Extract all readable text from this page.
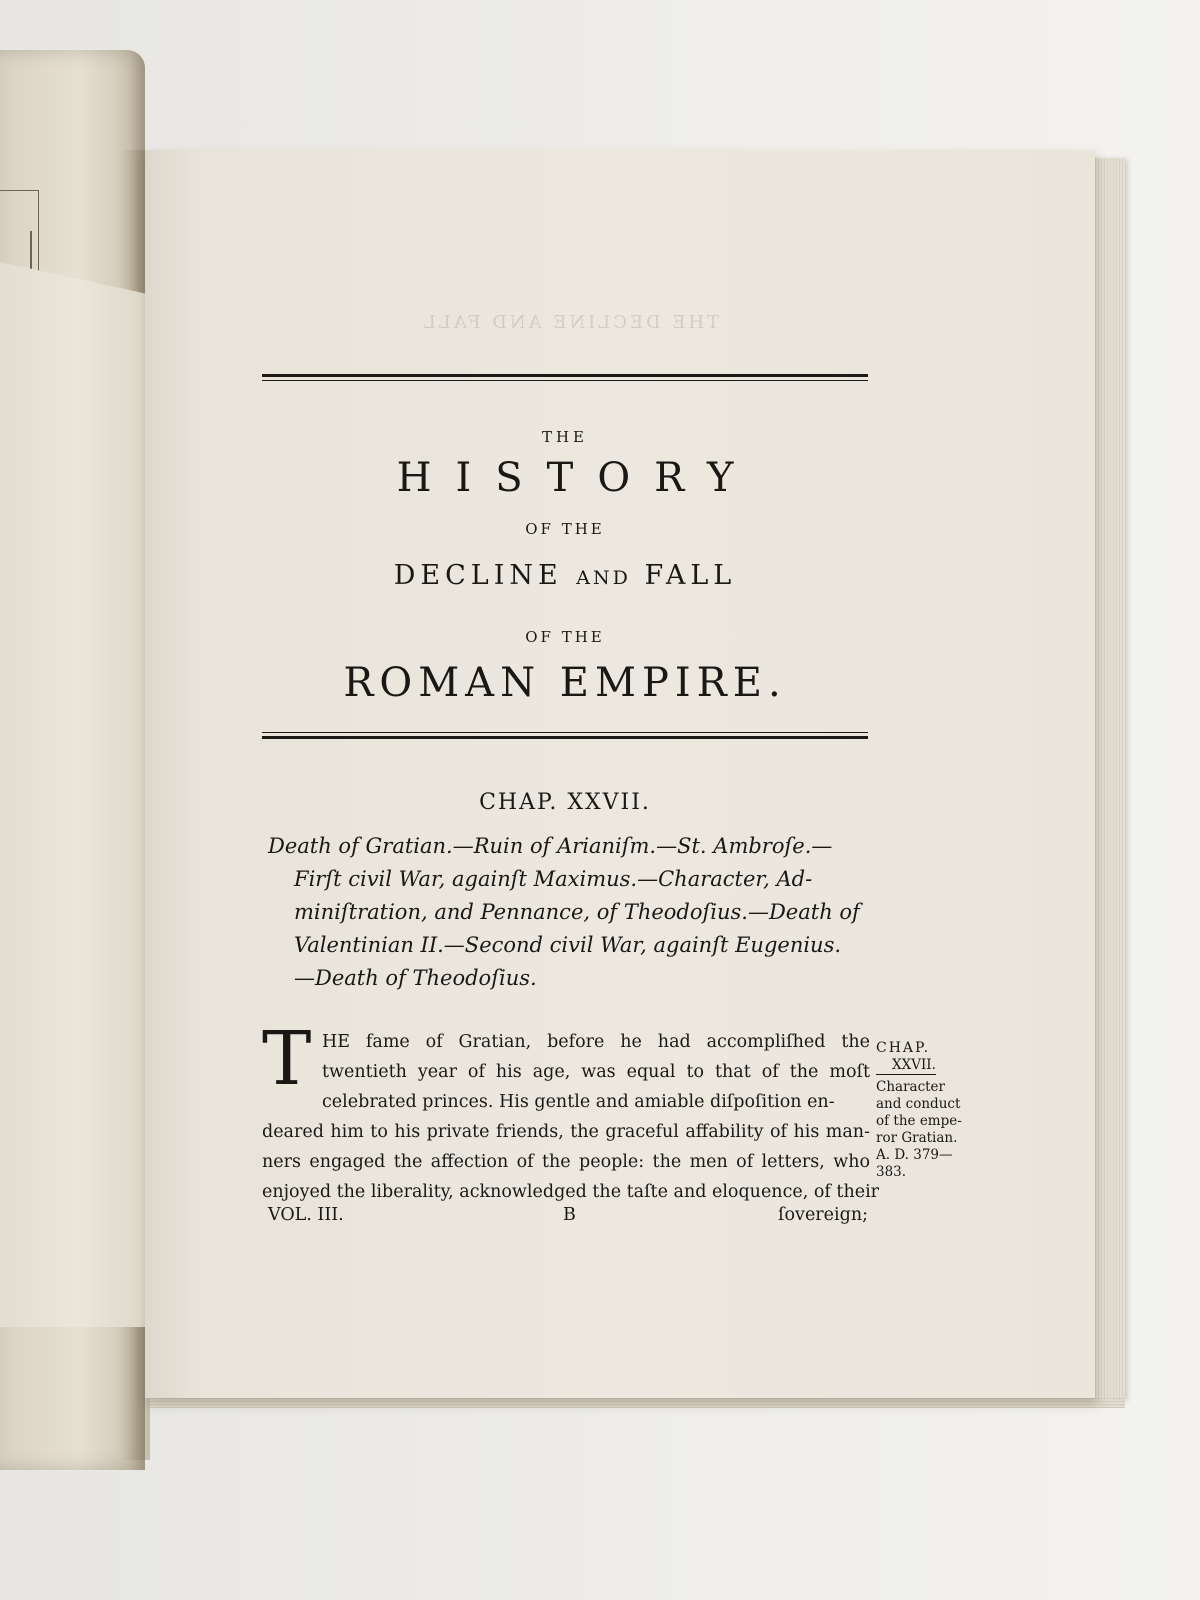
THE DECLINE AND FALL
THE
HISTORY
OF THE
DECLINE AND FALL
OF THE
ROMAN EMPIRE.
CHAP. XXVII.
Death of Gratian.—Ruin of Arianiſm.—St. Ambroſe.—
Firſt civil War, againſt Maximus.—Character, Ad-
miniſtration, and Pennance, of Theodoſius.—Death of
Valentinian II.—Second civil War, againſt Eugenius.
—Death of Theodoſius.
T HE fame of Gratian, before he had accompliſhed the
twentieth year of his age, was equal to that of the moſt
celebrated princes. His gentle and amiable diſpoſition en-
deared him to his private friends, the graceful affability of his man-
ners engaged the affection of the people: the men of letters, who
enjoyed the liberality, acknowledged the taſte and eloquence, of their
VOL. III.	B	ſovereign;
CHAP.
XXVII.
Character
and conduct
of the empe-
ror Gratian.
A. D. 379—
383.
